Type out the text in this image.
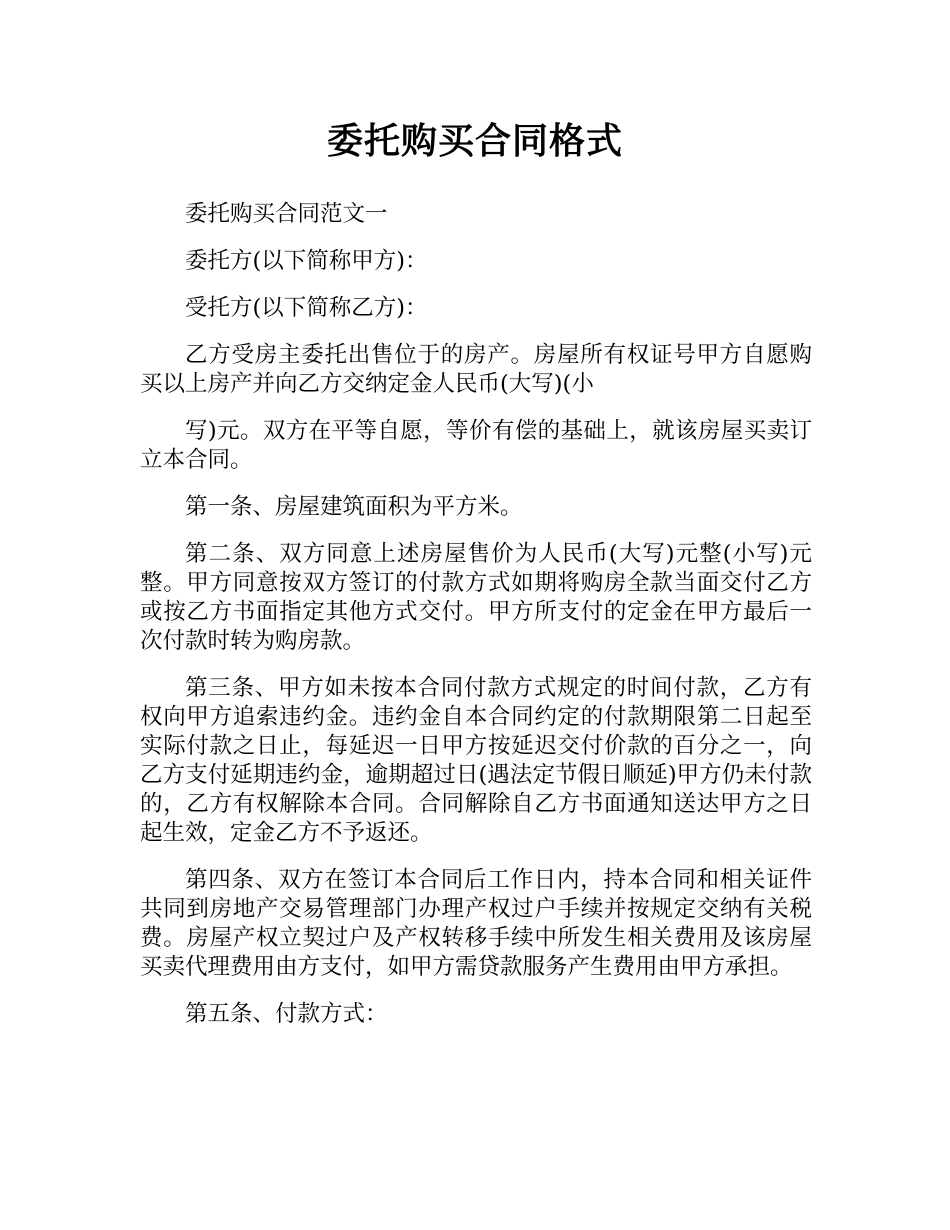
委托购买合同格式

委托购买合同范文一

委托方(以下简称甲方)：

受托方(以下简称乙方)：

乙方受房主委托出售位于的房产。房屋所有权证号甲方自愿购买以上房产并向乙方交纳定金人民币(大写)(小

写)元。双方在平等自愿，等价有偿的基础上，就该房屋买卖订立本合同。

第一条、房屋建筑面积为平方米。

第二条、双方同意上述房屋售价为人民币(大写)元整(小写)元整。甲方同意按双方签订的付款方式如期将购房全款当面交付乙方或按乙方书面指定其他方式交付。甲方所支付的定金在甲方最后一次付款时转为购房款。

第三条、甲方如未按本合同付款方式规定的时间付款，乙方有权向甲方追索违约金。违约金自本合同约定的付款期限第二日起至实际付款之日止，每延迟一日甲方按延迟交付价款的百分之一，向乙方支付延期违约金，逾期超过日(遇法定节假日顺延)甲方仍未付款的，乙方有权解除本合同。合同解除自乙方书面通知送达甲方之日起生效，定金乙方不予返还。

第四条、双方在签订本合同后工作日内，持本合同和相关证件共同到房地产交易管理部门办理产权过户手续并按规定交纳有关税费。房屋产权立契过户及产权转移手续中所发生相关费用及该房屋买卖代理费用由方支付，如甲方需贷款服务产生费用由甲方承担。

第五条、付款方式：
